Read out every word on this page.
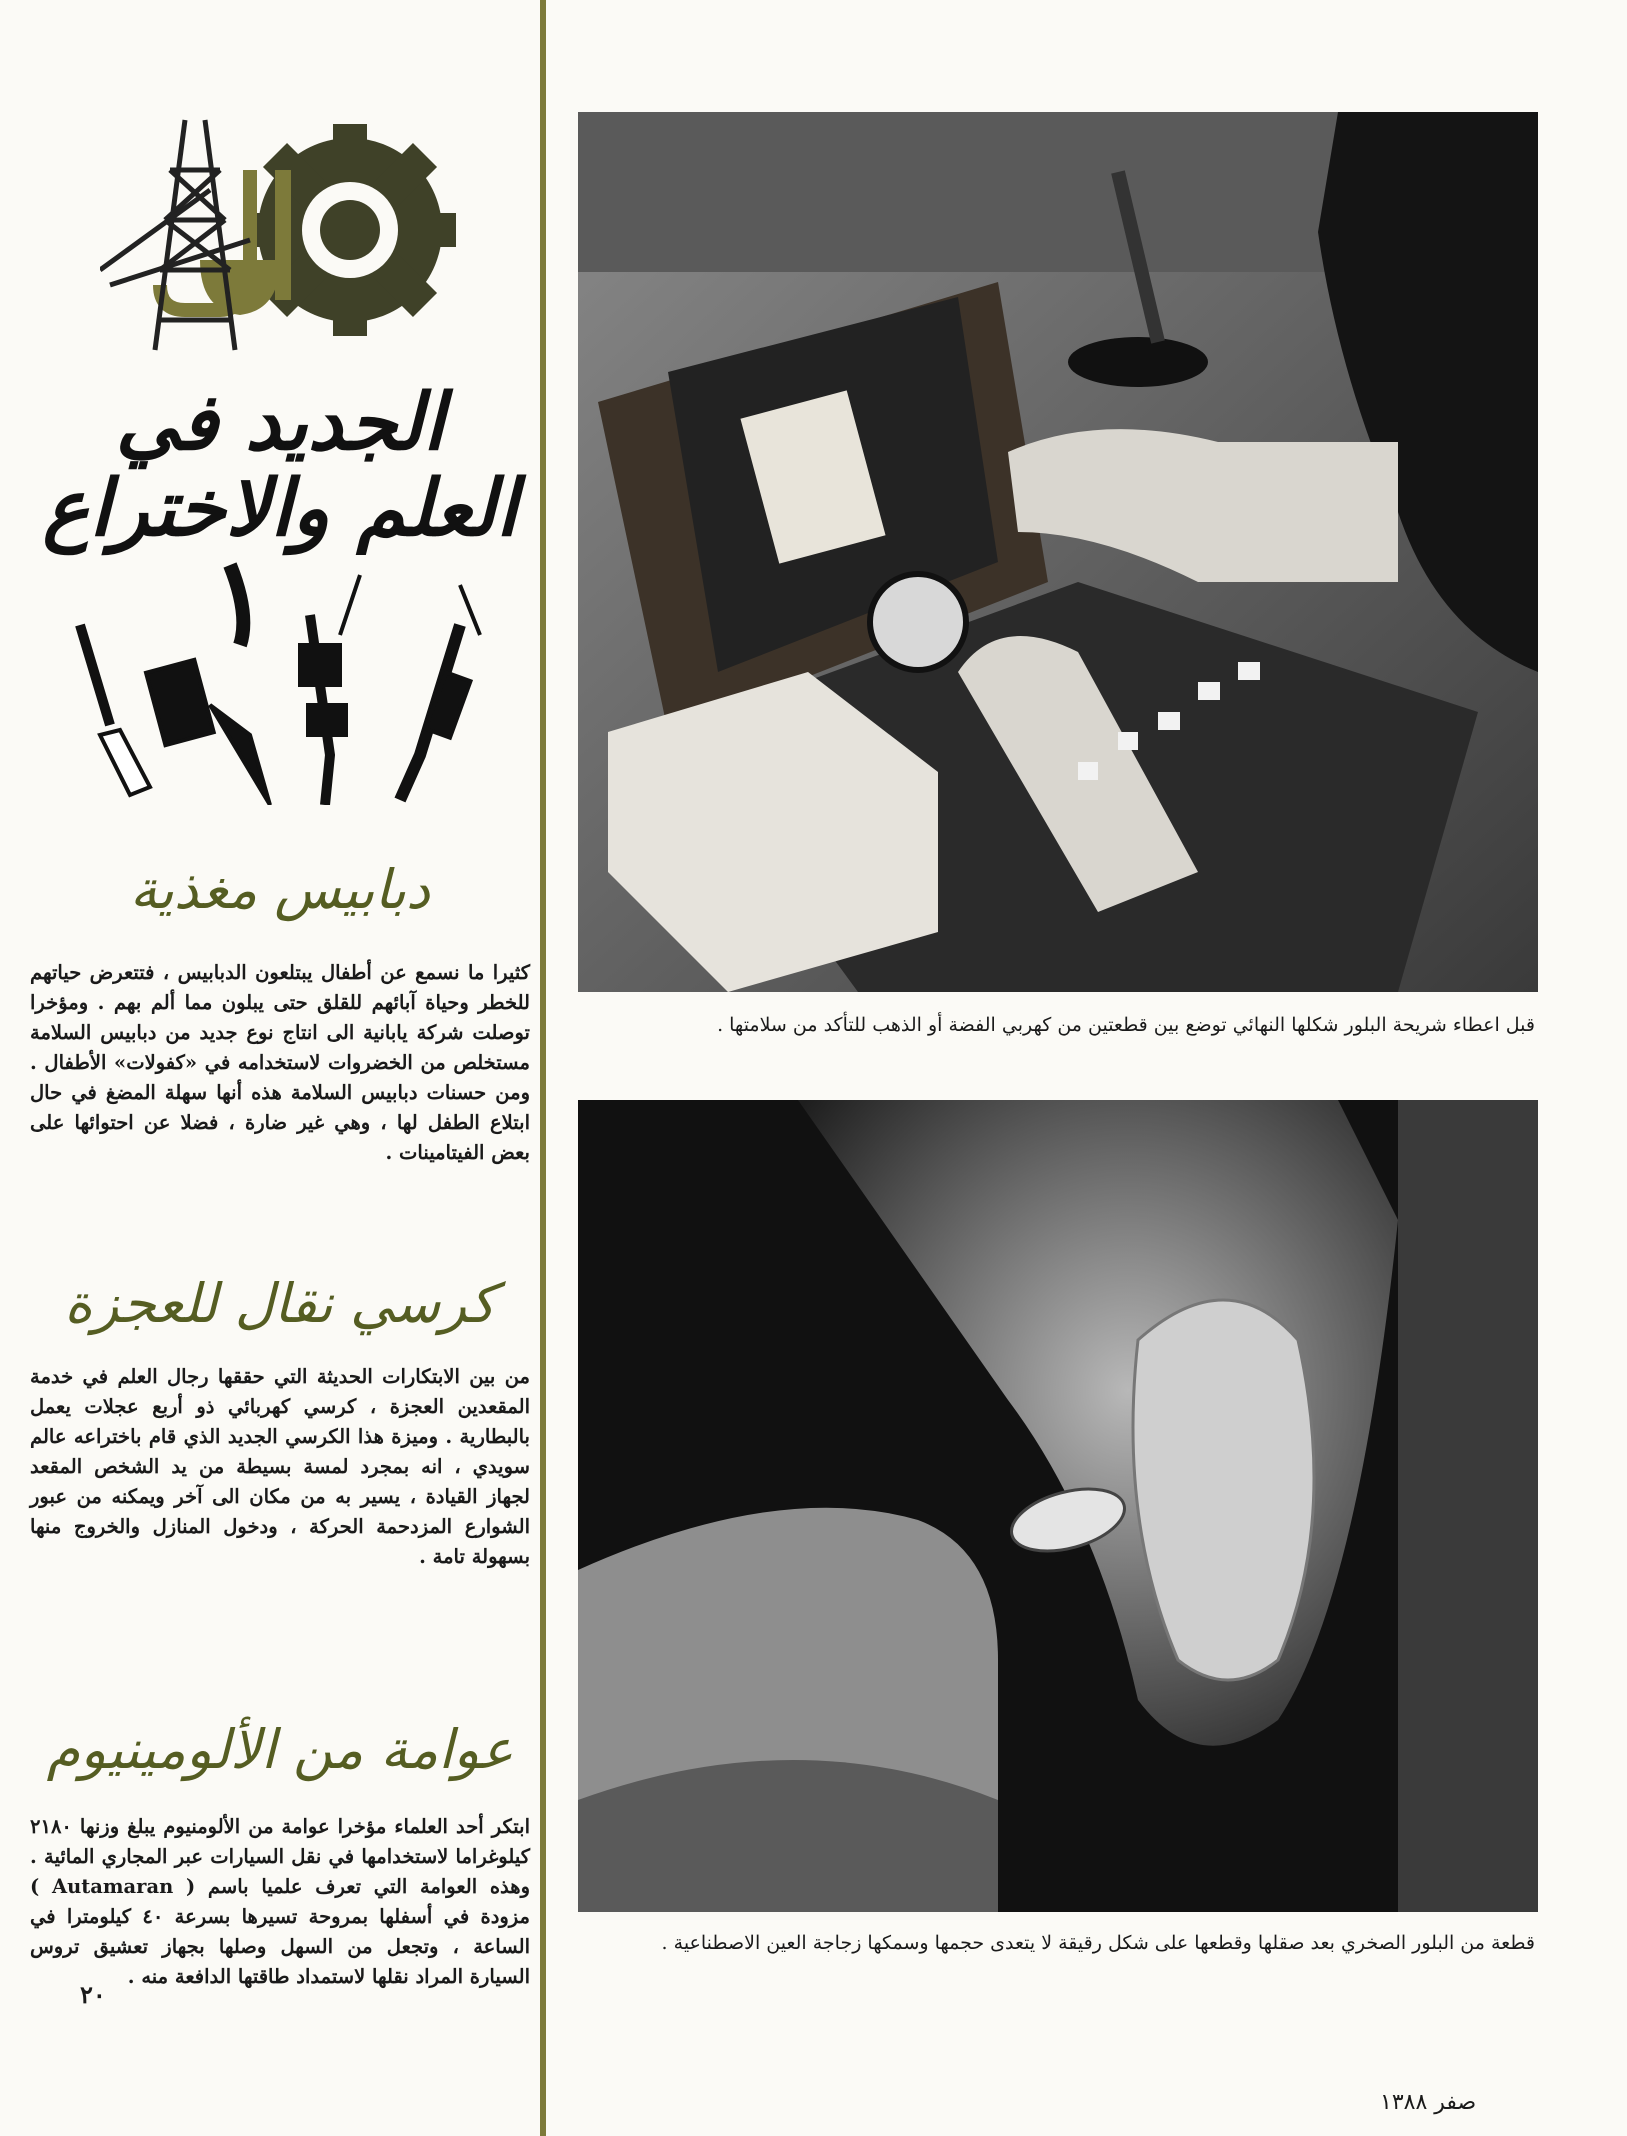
الجديد في العلم والاختراع
دبابيس مغذية
كثيرا ما نسمع عن أطفال يبتلعون الدبابيس ، فتتعرض حياتهم للخطر وحياة آبائهم للقلق حتى يبلون مما ألم بهم . ومؤخرا توصلت شركة يابانية الى انتاج نوع جديد من دبابيس السلامة مستخلص من الخضروات لاستخدامه في «كفولات» الأطفال . ومن حسنات دبابيس السلامة هذه أنها سهلة المضغ في حال ابتلاع الطفل لها ، وهي غير ضارة ، فضلا عن احتوائها على بعض الفيتامينات .
كرسي نقال للعجزة
من بين الابتكارات الحديثة التي حققها رجال العلم في خدمة المقعدين العجزة ، كرسي كهربائي ذو أربع عجلات يعمل بالبطارية . وميزة هذا الكرسي الجديد الذي قام باختراعه عالم سويدي ، انه بمجرد لمسة بسيطة من يد الشخص المقعد لجهاز القيادة ، يسير به من مكان الى آخر ويمكنه من عبور الشوارع المزدحمة الحركة ، ودخول المنازل والخروج منها بسهولة تامة .
عوامة من الألومينيوم
ابتكر أحد العلماء مؤخرا عوامة من الألومنيوم يبلغ وزنها ٢١٨٠ كيلوغراما لاستخدامها في نقل السيارات عبر المجاري المائية . وهذه العوامة التي تعرف علميا باسم ( Autamaran ) مزودة في أسفلها بمروحة تسيرها بسرعة ٤٠ كيلومترا في الساعة ، وتجعل من السهل وصلها بجهاز تعشيق تروس السيارة المراد نقلها لاستمداد طاقتها الدافعة منه .
٢٠
قبل اعطاء شريحة البلور شكلها النهائي توضع بين قطعتين من كهربي الفضة أو الذهب للتأكد من سلامتها .
قطعة من البلور الصخري بعد صقلها وقطعها على شكل رقيقة لا يتعدى حجمها وسمكها زجاجة العين الاصطناعية .
صفر ١٣٨٨
